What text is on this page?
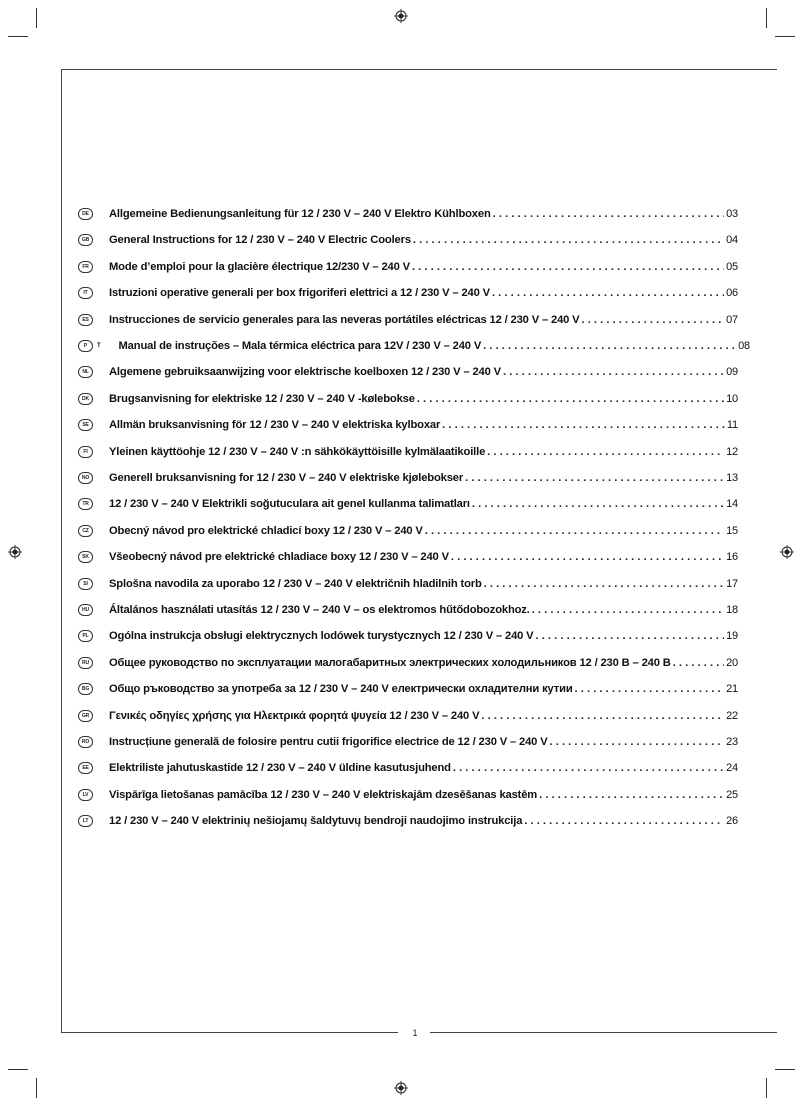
1
DE	Allgemeine Bedienungsanleitung für 12 / 230 V – 240 V Elektro Kühlboxen . . .	03
GB	General Instructions for 12 / 230 V – 240 V Electric Coolers . . .	04
FR	Mode d’emploi pour la glacière électrique 12/230 V – 240 V . . .	05
IT	Istruzioni operative generali per box frigoriferi elettrici a 12 / 230 V – 240 V . . .	06
ES	Instrucciones de servicio generales para las neveras portátiles eléctricas 12 / 230 V – 240 V . . .	07
P	T Manual de instruções – Mala térmica eléctrica para 12V / 230 V – 240 V . . .	08
NL	Algemene gebruiksaanwijzing voor elektrische koelboxen 12 / 230 V – 240 V . . .	09
DK	Brugsanvisning for elektriske 12 / 230 V – 240 V -kølebokse . . .	10
SE	Allmän bruksanvisning för 12 / 230 V – 240 V elektriska kylboxar . . .	11
FI	Yleinen käyttöohje 12 / 230 V – 240 V :n sähkökäyttöisille kylmälaatikoille . . .	12
NO	Generell bruksanvisning for 12 / 230 V – 240 V elektriske kjølebokser . . .	13
TR	12 / 230 V – 240 V Elektrikli soğutuculara ait genel kullanma talimatları . . .	14
CZ	Obecný návod pro elektrické chladicí boxy 12 / 230 V – 240 V . . .	15
SK	Všeobecný návod pre elektrické chladiace boxy 12 / 230 V – 240 V . . .	16
SI	Splošna navodila za uporabo 12 / 230 V – 240 V električnih hladilnih torb . . .	17
HU	Általános használati utasítás 12 / 230 V – 240 V – os elektromos hűtődobozokhoz. . . .	18
PL	Ogólna instrukcja obsługi elektrycznych lodówek turystycznych 12 / 230 V – 240 V . . .	19
RU	Общее руководство по эксплуатации малогабаритных электрических холодильников 12 / 230 В – 240 В . . .	20
BG	Общо ръководство за употреба за 12 / 230 V – 240 V електрически охладителни кутии . . .	21
GR	Γενικές οδηγίες χρήσης για Ηλεκτρικά φορητά ψυγεία 12 / 230 V – 240 V . . .	22
RO	Instrucțiune generală de folosire pentru cutii frigorifice electrice de 12 / 230 V – 240 V . . .	23
EE	Elektriliste jahutuskastide 12 / 230 V – 240 V üldine kasutusjuhend . . .	24
LV	Vispārīga lietošanas pamācība 12 / 230 V – 240 V elektriskajām dzesēšanas kastēm . . .	25
LT	12 / 230 V – 240 V elektrinių nešiojamų šaldytuvų bendroji naudojimo instrukcija . . .	26
